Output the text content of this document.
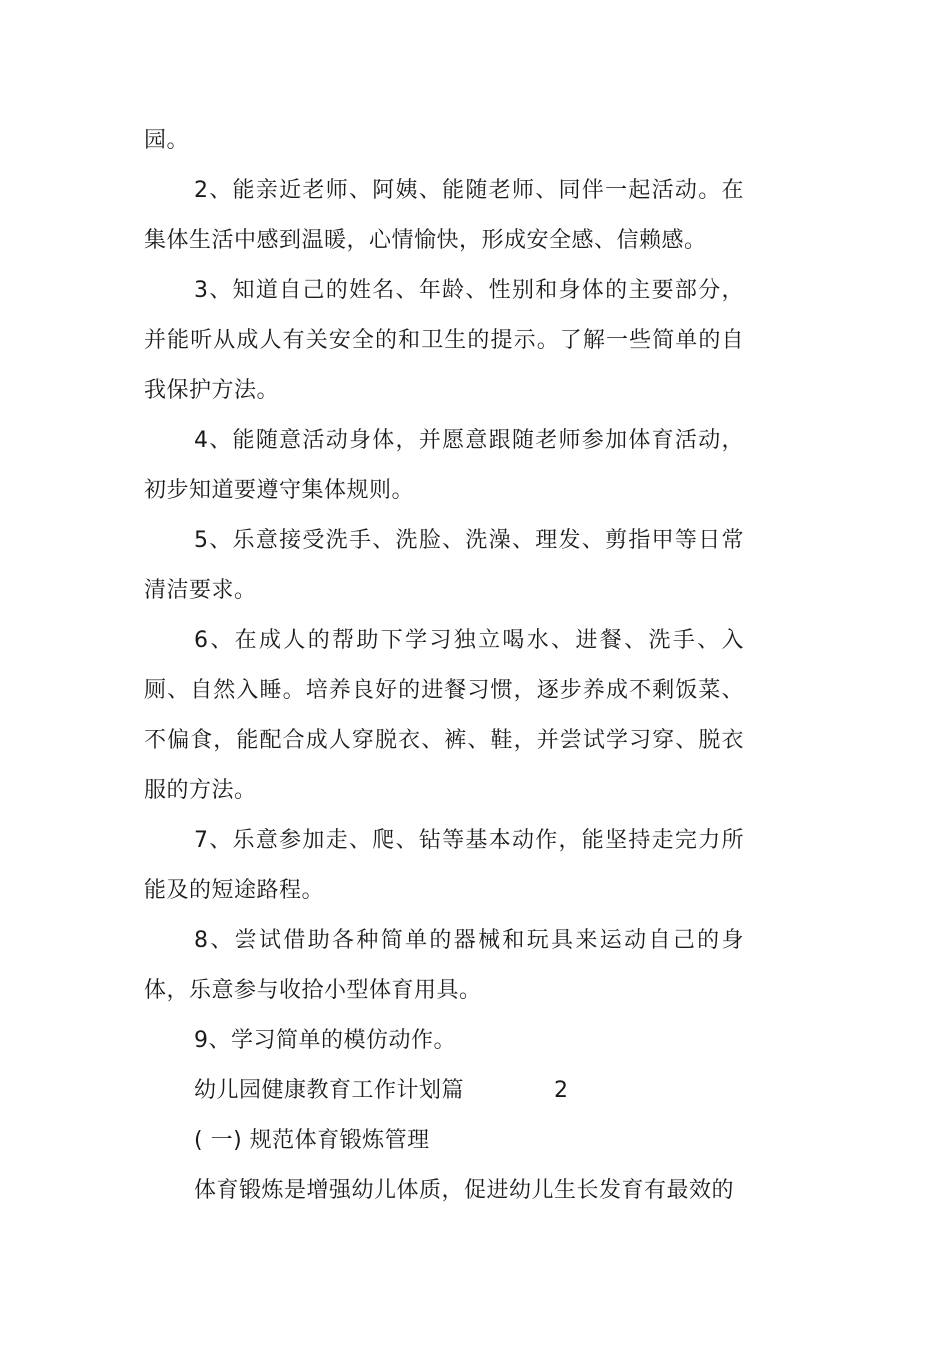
园。

2、能亲近老师、阿姨、能随老师、同伴一起活动。在集体生活中感到温暖，心情愉快，形成安全感、信赖感。

3、知道自己的姓名、年龄、性别和身体的主要部分，并能听从成人有关安全的和卫生的提示。了解一些简单的自我保护方法。

4、能随意活动身体，并愿意跟随老师参加体育活动，初步知道要遵守集体规则。

5、乐意接受洗手、洗脸、洗澡、理发、剪指甲等日常清洁要求。

6、在成人的帮助下学习独立喝水、进餐、洗手、入厕、自然入睡。培养良好的进餐习惯，逐步养成不剩饭菜、不偏食，能配合成人穿脱衣、裤、鞋，并尝试学习穿、脱衣服的方法。

7、乐意参加走、爬、钻等基本动作，能坚持走完力所能及的短途路程。

8、尝试借助各种简单的器械和玩具来运动自己的身体，乐意参与收拾小型体育用具。

9、学习简单的模仿动作。

幼儿园健康教育工作计划篇	2

( 一) 规范体育锻炼管理

体育锻炼是增强幼儿体质，促进幼儿生长发育有最效的
